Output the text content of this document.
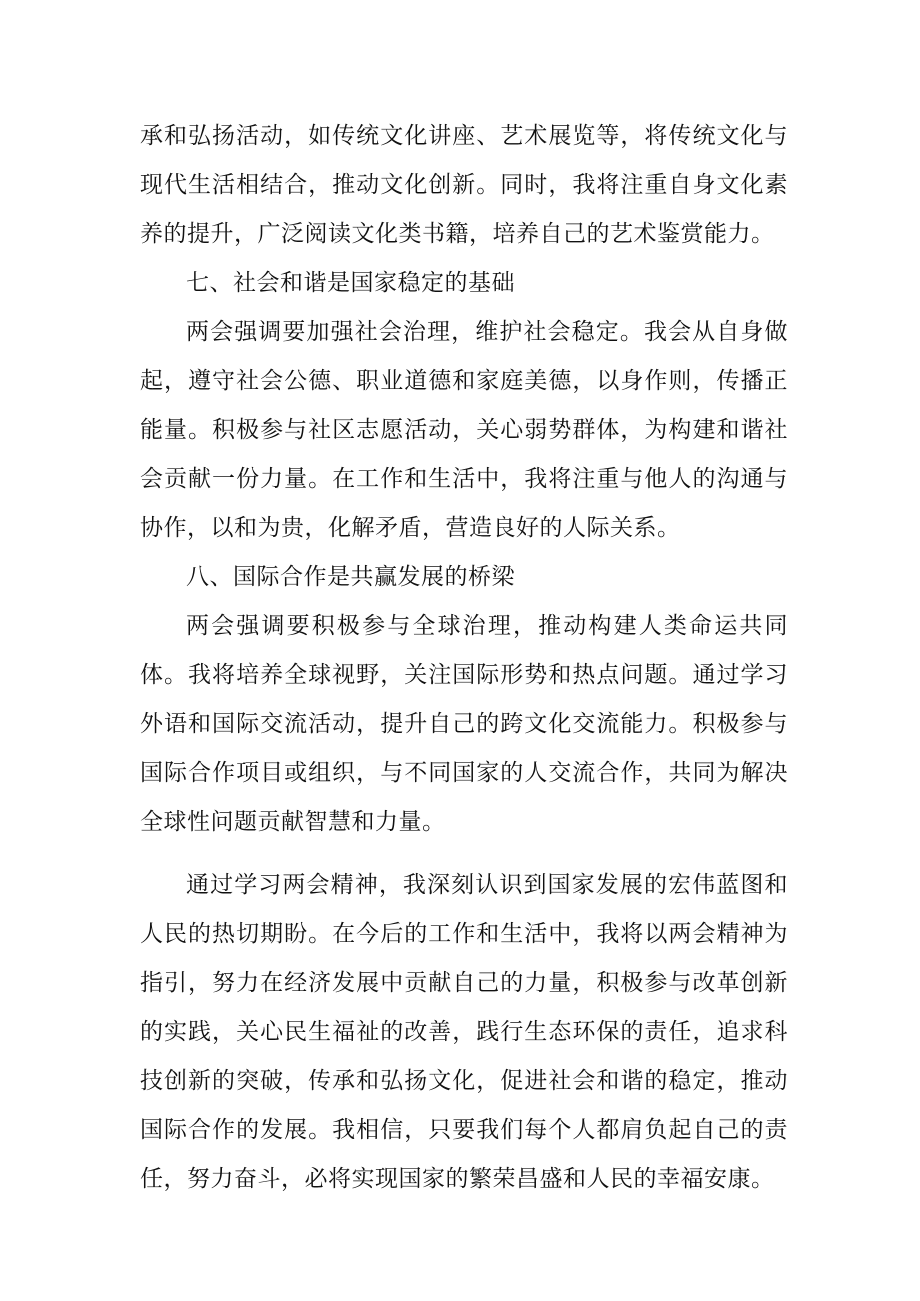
承和弘扬活动，如传统文化讲座、艺术展览等，将传统文化与现代生活相结合，推动文化创新。同时，我将注重自身文化素养的提升，广泛阅读文化类书籍，培养自己的艺术鉴赏能力。

七、社会和谐是国家稳定的基础

两会强调要加强社会治理，维护社会稳定。我会从自身做起，遵守社会公德、职业道德和家庭美德，以身作则，传播正能量。积极参与社区志愿活动，关心弱势群体，为构建和谐社会贡献一份力量。在工作和生活中，我将注重与他人的沟通与协作，以和为贵，化解矛盾，营造良好的人际关系。

八、国际合作是共赢发展的桥梁

两会强调要积极参与全球治理，推动构建人类命运共同体。我将培养全球视野，关注国际形势和热点问题。通过学习外语和国际交流活动，提升自己的跨文化交流能力。积极参与国际合作项目或组织，与不同国家的人交流合作，共同为解决全球性问题贡献智慧和力量。

通过学习两会精神，我深刻认识到国家发展的宏伟蓝图和人民的热切期盼。在今后的工作和生活中，我将以两会精神为指引，努力在经济发展中贡献自己的力量，积极参与改革创新的实践，关心民生福祉的改善，践行生态环保的责任，追求科技创新的突破，传承和弘扬文化，促进社会和谐的稳定，推动国际合作的发展。我相信，只要我们每个人都肩负起自己的责任，努力奋斗，必将实现国家的繁荣昌盛和人民的幸福安康。
